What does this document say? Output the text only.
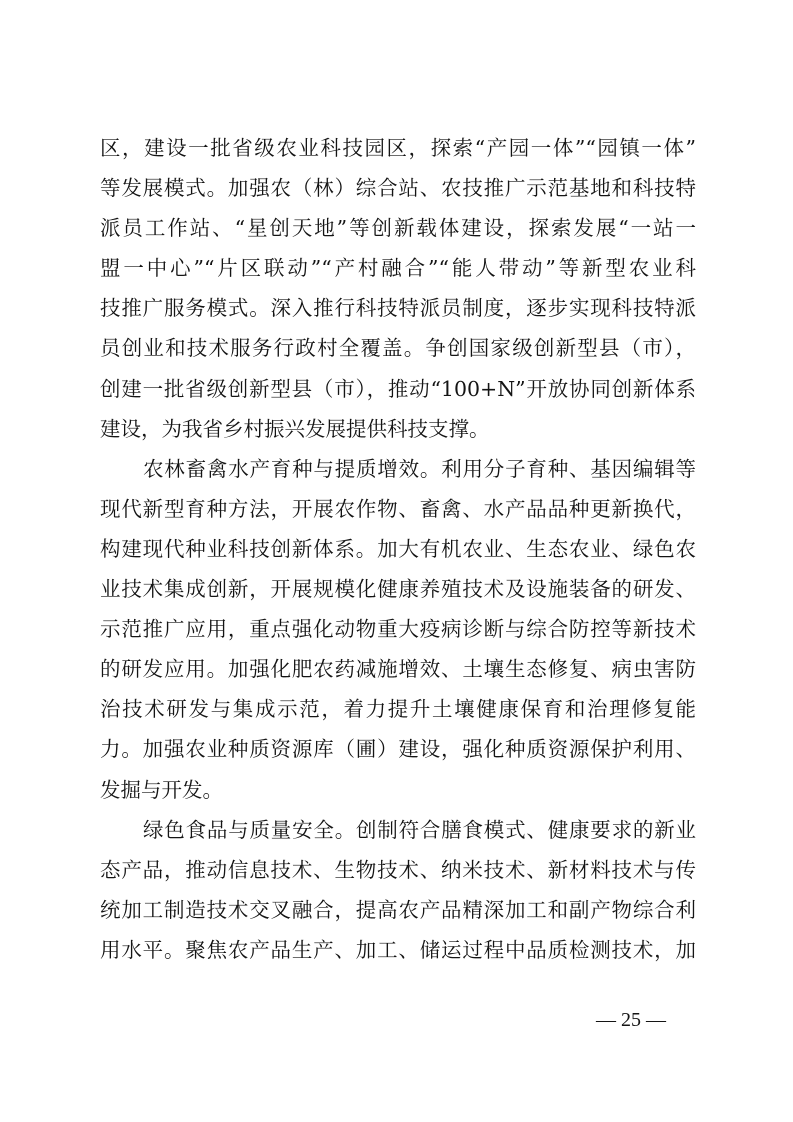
区，建设一批省级农业科技园区，探索“产园一体”“园镇一体”
等发展模式。加强农（林）综合站、农技推广示范基地和科技特
派员工作站、“星创天地”等创新载体建设，探索发展“一站一
盟一中心”“片区联动”“产村融合”“能人带动”等新型农业科
技推广服务模式。深入推行科技特派员制度，逐步实现科技特派
员创业和技术服务行政村全覆盖。争创国家级创新型县（市），
创建一批省级创新型县（市），推动“100+N”开放协同创新体系
建设，为我省乡村振兴发展提供科技支撑。
农林畜禽水产育种与提质增效。利用分子育种、基因编辑等
现代新型育种方法，开展农作物、畜禽、水产品品种更新换代，
构建现代种业科技创新体系。加大有机农业、生态农业、绿色农
业技术集成创新，开展规模化健康养殖技术及设施装备的研发、
示范推广应用，重点强化动物重大疫病诊断与综合防控等新技术
的研发应用。加强化肥农药减施增效、土壤生态修复、病虫害防
治技术研发与集成示范，着力提升土壤健康保育和治理修复能
力。加强农业种质资源库（圃）建设，强化种质资源保护利用、
发掘与开发。
绿色食品与质量安全。创制符合膳食模式、健康要求的新业
态产品，推动信息技术、生物技术、纳米技术、新材料技术与传
统加工制造技术交叉融合，提高农产品精深加工和副产物综合利
用水平。聚焦农产品生产、加工、储运过程中品质检测技术，加
— 25 —
